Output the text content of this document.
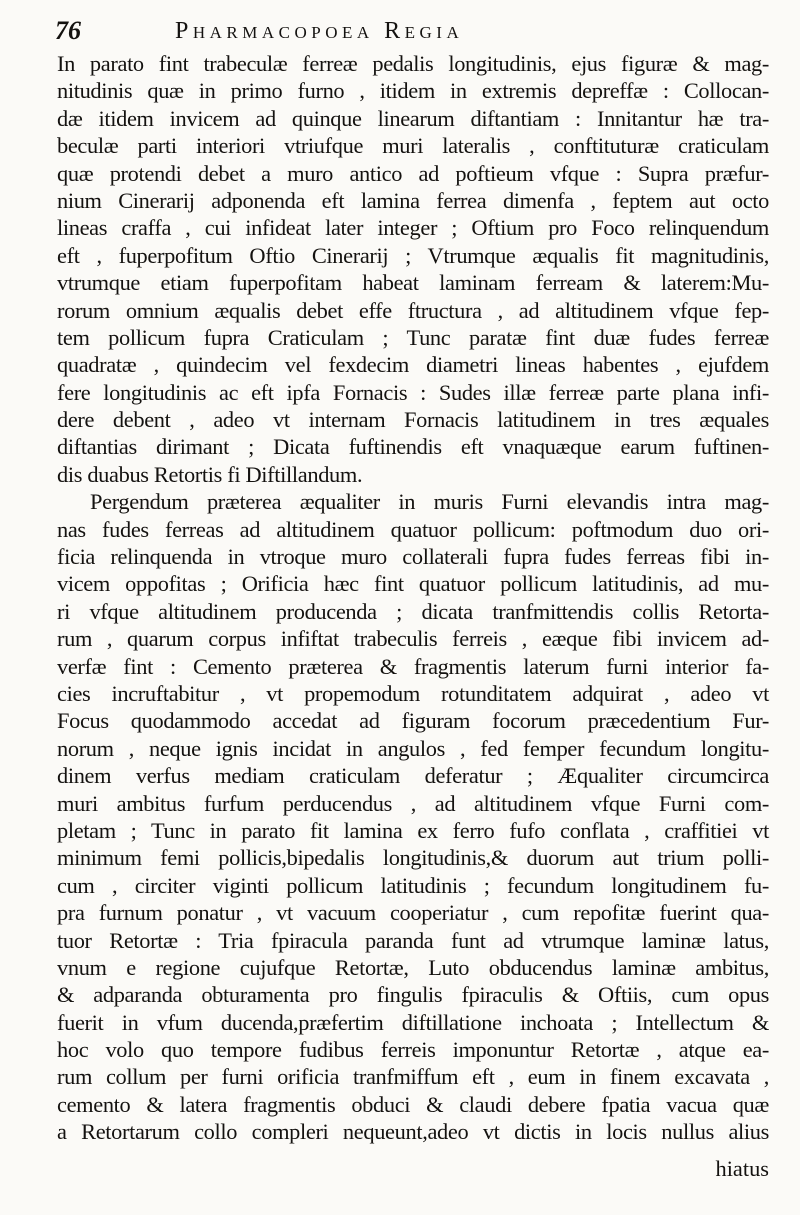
76	Pharmacopoea Regia
In parato fint trabeculæ ferreæ pedalis longitudinis, ejus figuræ & mag-
nitudinis quæ in primo furno , itidem in extremis depreffæ : Collocan-
dæ itidem invicem ad quinque linearum diftantiam : Innitantur hæ tra-
beculæ parti interiori vtriufque muri lateralis , conftituturæ craticulam
quæ protendi debet a muro antico ad poftieum vfque : Supra præfur-
nium Cinerarij adponenda eft lamina ferrea dimenfa , feptem aut octo
lineas craffa , cui infideat later integer ; Oftium pro Foco relinquendum
eft , fuperpofitum Oftio Cinerarij ; Vtrumque æqualis fit magnitudinis,
vtrumque etiam fuperpofitam habeat laminam ferream & laterem:Mu-
rorum omnium æqualis debet effe ftructura , ad altitudinem vfque fep-
tem pollicum fupra Craticulam ; Tunc paratæ fint duæ fudes ferreæ
quadratæ , quindecim vel fexdecim diametri lineas habentes , ejufdem
fere longitudinis ac eft ipfa Fornacis : Sudes illæ ferreæ parte plana infi-
dere debent , adeo vt internam Fornacis latitudinem in tres æquales
diftantias dirimant ; Dicata fuftinendis eft vnaquæque earum fuftinen-
dis duabus Retortis fi Diftillandum.
Pergendum præterea æqualiter in muris Furni elevandis intra mag-
nas fudes ferreas ad altitudinem quatuor pollicum: poftmodum duo ori-
ficia relinquenda in vtroque muro collaterali fupra fudes ferreas fibi in-
vicem oppofitas ; Orificia hæc fint quatuor pollicum latitudinis, ad mu-
ri vfque altitudinem producenda ; dicata tranfmittendis collis Retorta-
rum , quarum corpus infiftat trabeculis ferreis , eæque fibi invicem ad-
verfæ fint : Cemento præterea & fragmentis laterum furni interior fa-
cies incruftabitur , vt propemodum rotunditatem adquirat , adeo vt
Focus quodammodo accedat ad figuram focorum præcedentium Fur-
norum , neque ignis incidat in angulos , fed femper fecundum longitu-
dinem verfus mediam craticulam deferatur ; Æqualiter circumcirca
muri ambitus furfum perducendus , ad altitudinem vfque Furni com-
pletam ; Tunc in parato fit lamina ex ferro fufo conflata , craffitiei vt
minimum femi pollicis,bipedalis longitudinis,& duorum aut trium polli-
cum , circiter viginti pollicum latitudinis ; fecundum longitudinem fu-
pra furnum ponatur , vt vacuum cooperiatur , cum repofitæ fuerint qua-
tuor Retortæ : Tria fpiracula paranda funt ad vtrumque laminæ latus,
vnum e regione cujufque Retortæ, Luto obducendus laminæ ambitus,
& adparanda obturamenta pro fingulis fpiraculis & Oftiis, cum opus
fuerit in vfum ducenda,præfertim diftillatione inchoata ; Intellectum &
hoc volo quo tempore fudibus ferreis imponuntur Retortæ , atque ea-
rum collum per furni orificia tranfmiffum eft , eum in finem excavata ,
cemento & latera fragmentis obduci & claudi debere fpatia vacua quæ
a Retortarum collo compleri nequeunt,adeo vt dictis in locis nullus alius
hiatus
